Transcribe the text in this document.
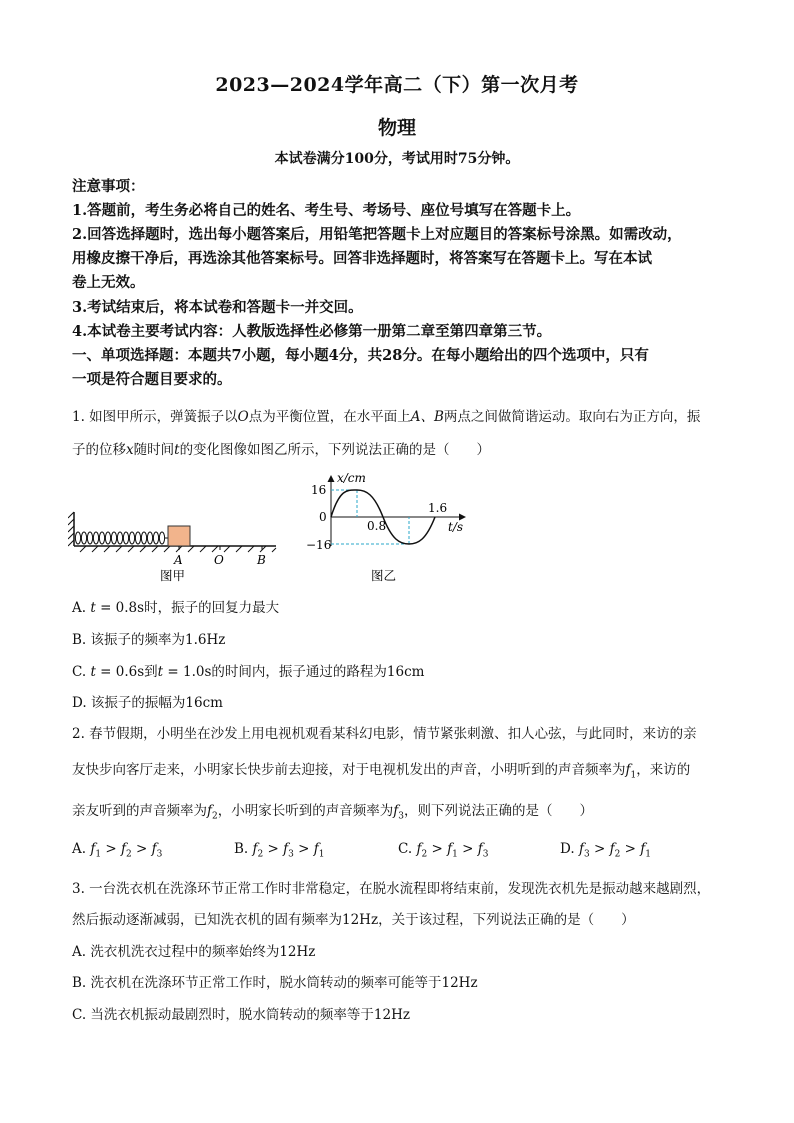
2023—2024学年高二（下）第一次月考
物理
本试卷满分100分，考试用时75分钟。
注意事项：
1.答题前，考生务必将自己的姓名、考生号、考场号、座位号填写在答题卡上。
2.回答选择题时，选出每小题答案后，用铅笔把答题卡上对应题目的答案标号涂黑。如需改动，
用橡皮擦干净后，再选涂其他答案标号。回答非选择题时，将答案写在答题卡上。写在本试
卷上无效。
3.考试结束后，将本试卷和答题卡一并交回。
4.本试卷主要考试内容：人教版选择性必修第一册第二章至第四章第三节。
一、单项选择题：本题共7小题，每小题4分，共28分。在每小题给出的四个选项中，只有
一项是符合题目要求的。
1. 如图甲所示，弹簧振子以O点为平衡位置，在水平面上A、B两点之间做简谐运动。取向右为正方向，振
子的位移x随时间t的变化图像如图乙所示，下列说法正确的是（　　）
A	O	B
图甲
x/cm
16
0
−16
0.8
1.6
t/s
图乙
A. t = 0.8s时，振子的回复力最大
B. 该振子的频率为1.6Hz
C. t = 0.6s到t = 1.0s的时间内，振子通过的路程为16cm
D. 该振子的振幅为16cm
2. 春节假期，小明坐在沙发上用电视机观看某科幻电影，情节紧张刺激、扣人心弦，与此同时，来访的亲
友快步向客厅走来，小明家长快步前去迎接，对于电视机发出的声音，小明听到的声音频率为$f_1$，来访的
亲友听到的声音频率为$f_2$，小明家长听到的声音频率为$f_3$，则下列说法正确的是（　　）
A. $f_1 > f_2 > f_3$	B. $f_2 > f_3 > f_1$	C. $f_2 > f_1 > f_3$	D. $f_3 > f_2 > f_1$
3. 一台洗衣机在洗涤环节正常工作时非常稳定，在脱水流程即将结束前，发现洗衣机先是振动越来越剧烈，
然后振动逐渐减弱，已知洗衣机的固有频率为12Hz，关于该过程，下列说法正确的是（　　）
A. 洗衣机洗衣过程中的频率始终为12Hz
B. 洗衣机在洗涤环节正常工作时，脱水筒转动的频率可能等于12Hz
C. 当洗衣机振动最剧烈时，脱水筒转动的频率等于12Hz
